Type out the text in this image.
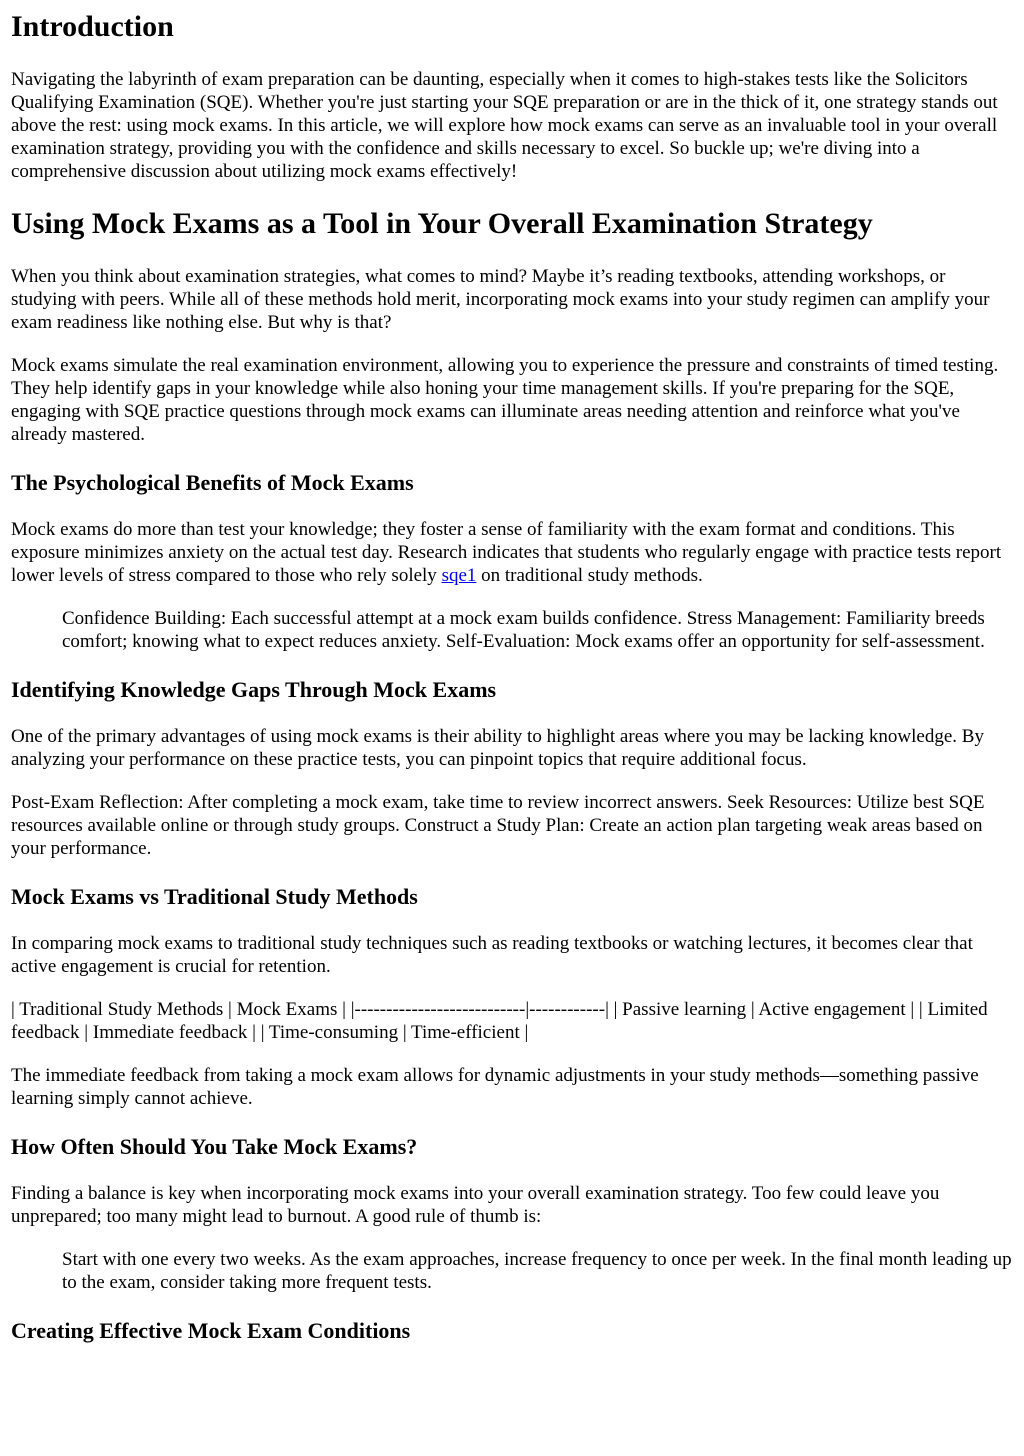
Introduction

Navigating the labyrinth of exam preparation can be daunting, especially when it comes to high-stakes tests like the Solicitors Qualifying Examination (SQE). Whether you're just starting your SQE preparation or are in the thick of it, one strategy stands out above the rest: using mock exams. In this article, we will explore how mock exams can serve as an invaluable tool in your overall examination strategy, providing you with the confidence and skills necessary to excel. So buckle up; we're diving into a comprehensive discussion about utilizing mock exams effectively!

Using Mock Exams as a Tool in Your Overall Examination Strategy

When you think about examination strategies, what comes to mind? Maybe it’s reading textbooks, attending workshops, or studying with peers. While all of these methods hold merit, incorporating mock exams into your study regimen can amplify your exam readiness like nothing else. But why is that?

Mock exams simulate the real examination environment, allowing you to experience the pressure and constraints of timed testing. They help identify gaps in your knowledge while also honing your time management skills. If you're preparing for the SQE, engaging with SQE practice questions through mock exams can illuminate areas needing attention and reinforce what you've already mastered.

The Psychological Benefits of Mock Exams

Mock exams do more than test your knowledge; they foster a sense of familiarity with the exam format and conditions. This exposure minimizes anxiety on the actual test day. Research indicates that students who regularly engage with practice tests report lower levels of stress compared to those who rely solely sqe1 on traditional study methods.

Confidence Building: Each successful attempt at a mock exam builds confidence. Stress Management: Familiarity breeds comfort; knowing what to expect reduces anxiety. Self-Evaluation: Mock exams offer an opportunity for self-assessment.
Identifying Knowledge Gaps Through Mock Exams

One of the primary advantages of using mock exams is their ability to highlight areas where you may be lacking knowledge. By analyzing your performance on these practice tests, you can pinpoint topics that require additional focus.

Post-Exam Reflection: After completing a mock exam, take time to review incorrect answers. Seek Resources: Utilize best SQE resources available online or through study groups. Construct a Study Plan: Create an action plan targeting weak areas based on your performance.

Mock Exams vs Traditional Study Methods

In comparing mock exams to traditional study techniques such as reading textbooks or watching lectures, it becomes clear that active engagement is crucial for retention.

| Traditional Study Methods | Mock Exams | |---------------------------|------------| | Passive learning | Active engagement | | Limited feedback | Immediate feedback | | Time-consuming | Time-efficient |

The immediate feedback from taking a mock exam allows for dynamic adjustments in your study methods—something passive learning simply cannot achieve.

How Often Should You Take Mock Exams?

Finding a balance is key when incorporating mock exams into your overall examination strategy. Too few could leave you unprepared; too many might lead to burnout. A good rule of thumb is:

Start with one every two weeks. As the exam approaches, increase frequency to once per week. In the final month leading up to the exam, consider taking more frequent tests.
Creating Effective Mock Exam Conditions
